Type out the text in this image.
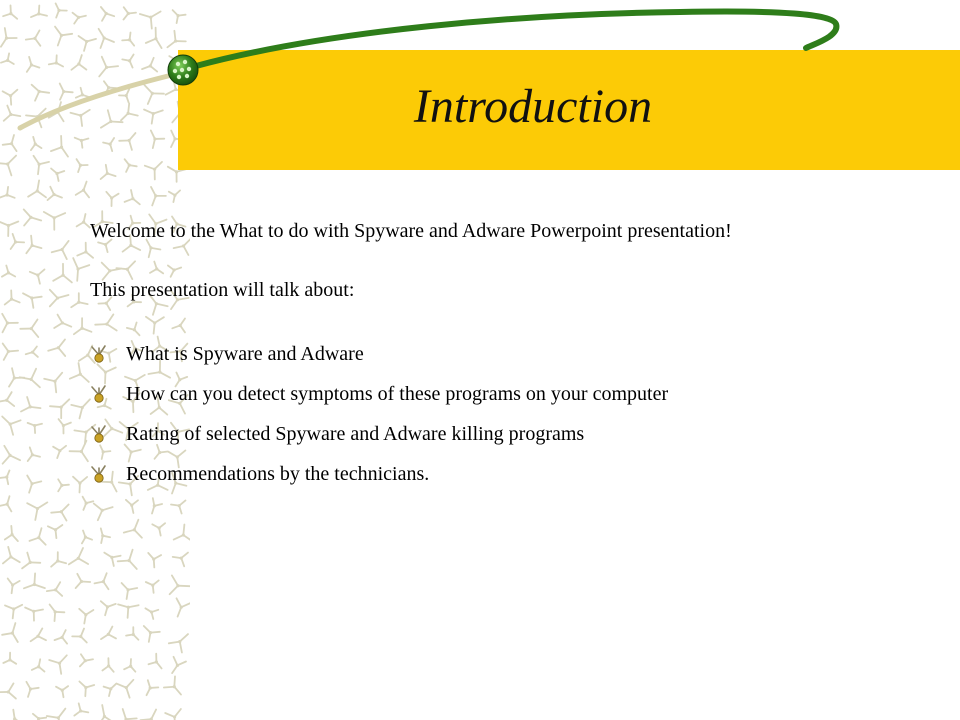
Introduction

Welcome to the What to do with Spyware and Adware Powerpoint presentation!

This presentation will talk about:

What is Spyware and Adware
How can you detect symptoms of these programs on your computer
Rating of selected Spyware and Adware killing programs
Recommendations by the technicians.
